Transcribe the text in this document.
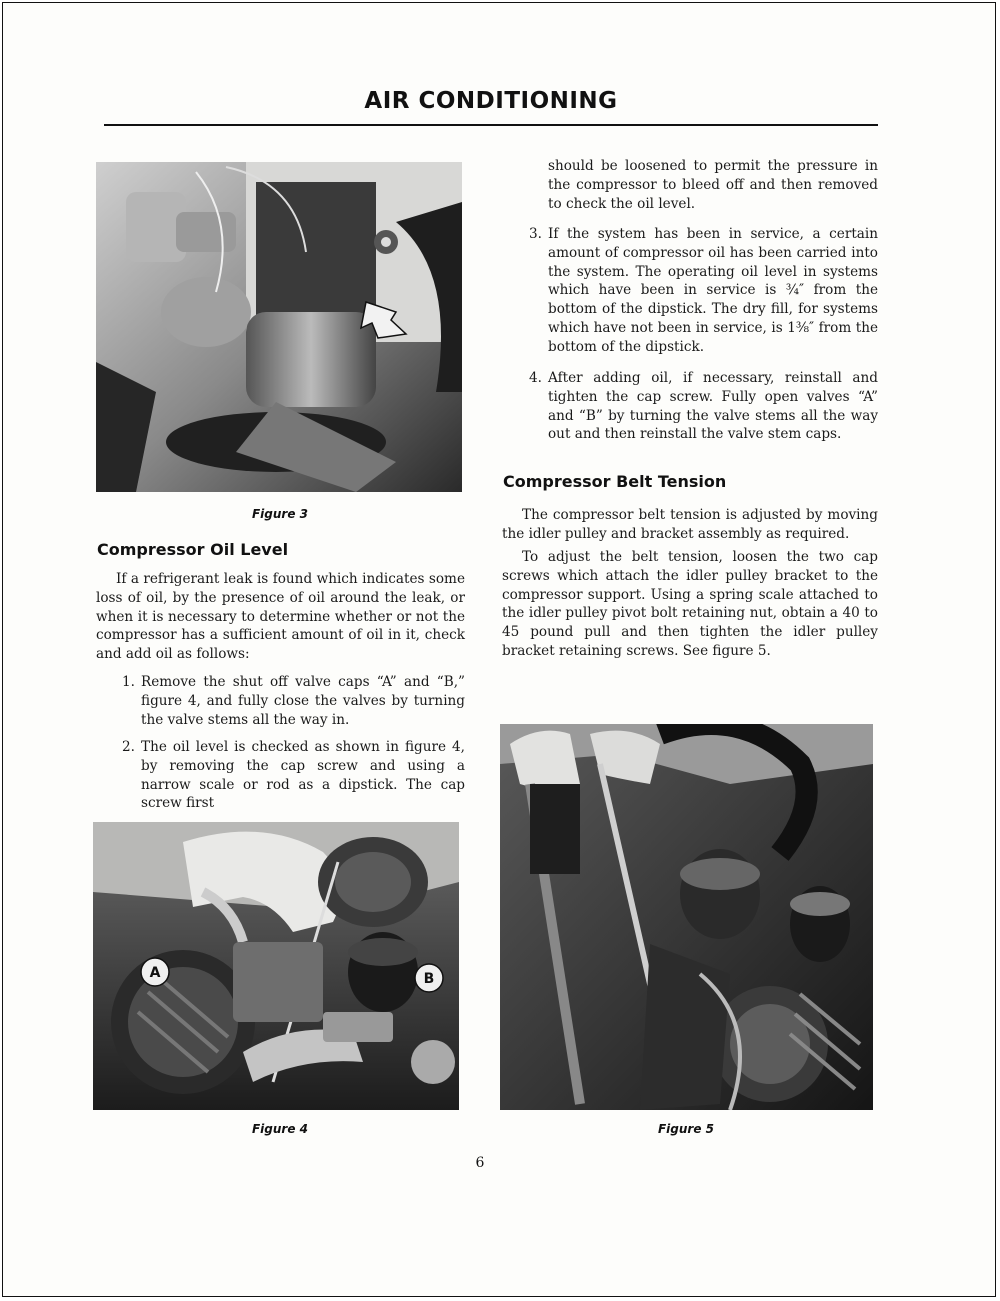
AIR CONDITIONING
Figure 3
Compressor Oil Level

If a refrigerant leak is found which indicates some loss of oil, by the presence of oil around the leak, or when it is necessary to determine whether or not the compressor has a sufficient amount of oil in it, check and add oil as follows:

1. Remove the shut off valve caps “A” and “B,” figure 4, and fully close the valves by turning the valve stems all the way in.
2. The oil level is checked as shown in figure 4, by removing the cap screw and using a narrow scale or rod as a dipstick. The cap screw first

should be loosened to permit the pressure in the compressor to bleed off and then removed to check the oil level.

3. If the system has been in service, a certain amount of compressor oil has been carried into the system. The operating oil level in systems which have been in service is ¾″ from the bottom of the dipstick. The dry fill, for systems which have not been in service, is 1⅜″ from the bottom of the dipstick.
4. After adding oil, if necessary, reinstall and tighten the cap screw. Fully open valves “A” and “B” by turning the valve stems all the way out and then reinstall the valve stem caps.
Compressor Belt Tension

The compressor belt tension is adjusted by moving the idler pulley and bracket assembly as required.

To adjust the belt tension, loosen the two cap screws which attach the idler pulley bracket to the compressor support. Using a spring scale attached to the idler pulley pivot bolt retaining nut, obtain a 40 to 45 pound pull and then tighten the idler pulley bracket retaining screws. See figure 5.

A	B
Figure 4	Figure 5
6
